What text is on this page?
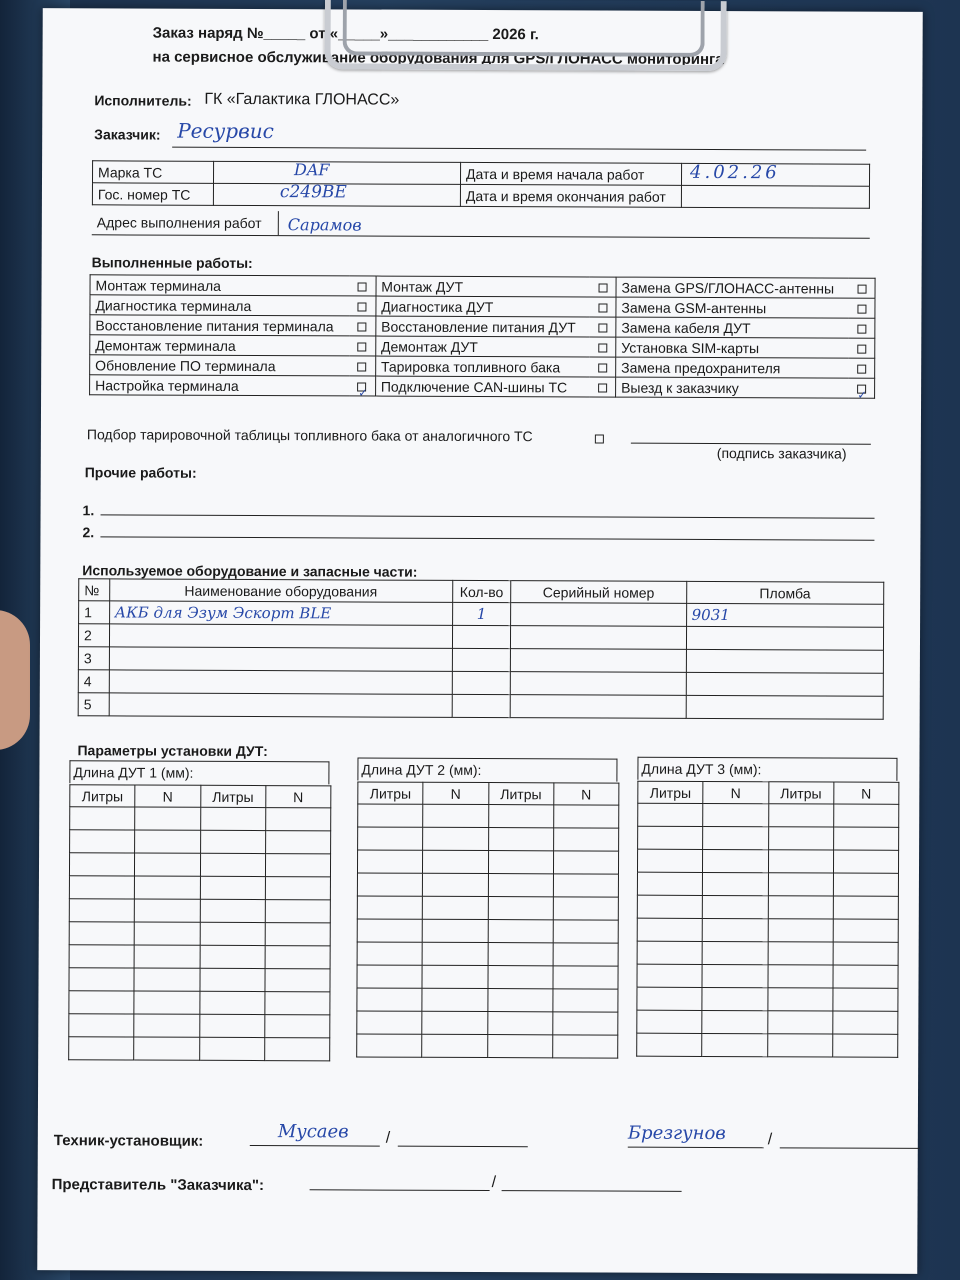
Заказ наряд №_____ от «_____»____________ 2026 г.
на сервисное обслуживание оборудования для GPS/ГЛОНАСС мониторинга
Исполнитель: ГК «Галактика ГЛОНАСС»
Заказчик: Ресурвис
Марка ТС	DAF	Дата и время начала работ	4.02.26

Гос. номер ТС	с249ВЕ	Дата и время окончания работ	
Адрес выполнения работ Сарамов
Выполненные работы:
Монтаж терминала		Монтаж ДУТ		Замена GPS/ГЛОНАСС-антенны	
Диагностика терминала		Диагностика ДУТ		Замена GSM-антенны	
Восстановление питания терминала		Восстановление питания ДУТ		Замена кабеля ДУТ	
Демонтаж терминала		Демонтаж ДУТ		Установка SIM-карты	
Обновление ПО терминала		Тарировка топливного бака		Замена предохранителя	
Настройка терминала	✓	Подключение CAN-шины ТС		Выезд к заказчику	✓
Подбор тарировочной таблицы топливного бака от аналогичного ТС
(подпись заказчика)
Прочие работы:
1.
2.
Используемое оборудование и запасные части:
№	Наименование оборудования	Кол-во	Серийный номер	Пломба
1	АКБ для Эзум Эскорт BLE	1		9031
2				
3				
4				
5				
Параметры установки ДУТ:
Длина ДУТ 1 (мм):
Литры	N	Литры	N

Длина ДУТ 2 (мм):
Литры	N	Литры	N

Длина ДУТ 3 (мм):
Литры	N	Литры	N

Техник-установщик:	Мусаев /	Брезгунов	/
Представитель "Заказчика":	/
